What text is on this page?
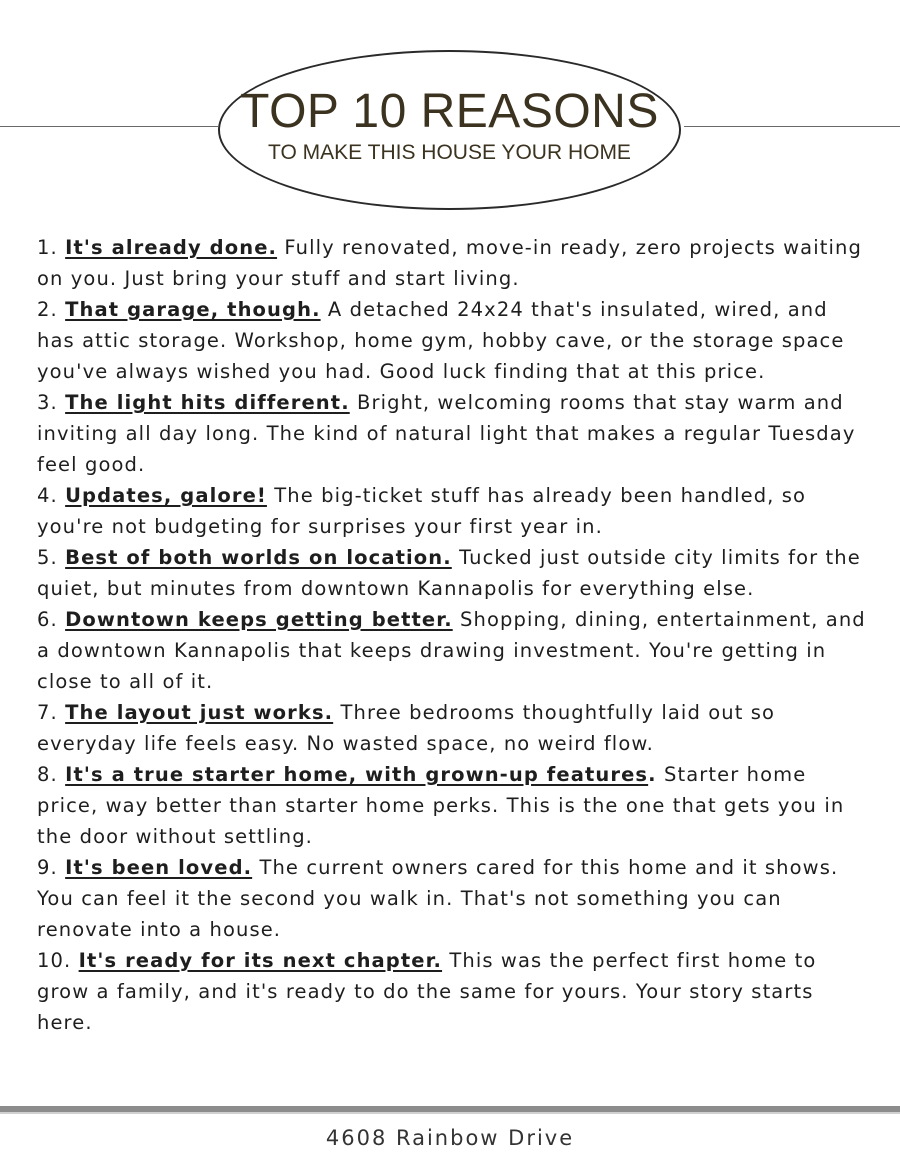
TOP 10 REASONS
TO MAKE THIS HOUSE YOUR HOME
1. It's already done. Fully renovated, move-in ready, zero projects waiting on you. Just bring your stuff and start living.
2. That garage, though. A detached 24x24 that's insulated, wired, and has attic storage. Workshop, home gym, hobby cave, or the storage space you've always wished you had. Good luck finding that at this price.
3. The light hits different. Bright, welcoming rooms that stay warm and inviting all day long. The kind of natural light that makes a regular Tuesday feel good.
4. Updates, galore! The big-ticket stuff has already been handled, so you're not budgeting for surprises your first year in.
5. Best of both worlds on location. Tucked just outside city limits for the quiet, but minutes from downtown Kannapolis for everything else.
6. Downtown keeps getting better. Shopping, dining, entertainment, and a downtown Kannapolis that keeps drawing investment. You're getting in close to all of it.
7. The layout just works. Three bedrooms thoughtfully laid out so everyday life feels easy. No wasted space, no weird flow.
8. It's a true starter home, with grown-up features. Starter home price, way better than starter home perks. This is the one that gets you in the door without settling.
9. It's been loved. The current owners cared for this home and it shows. You can feel it the second you walk in. That's not something you can renovate into a house.
10. It's ready for its next chapter. This was the perfect first home to grow a family, and it's ready to do the same for yours. Your story starts here.
4608 Rainbow Drive
